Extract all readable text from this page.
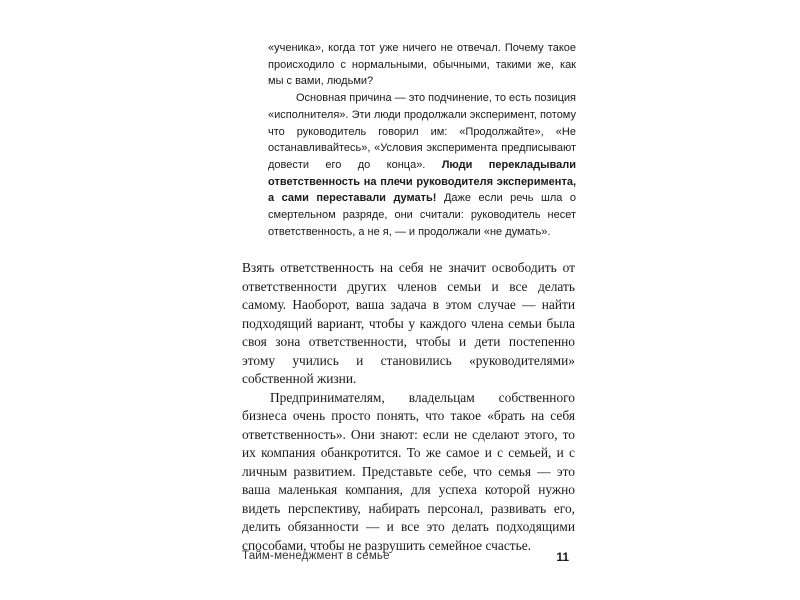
«ученика», когда тот уже ничего не отвечал. Почему такое происходило с нормальными, обычными, такими же, как мы с вами, людьми?

Основная причина — это подчинение, то есть позиция «исполнителя». Эти люди продолжали эксперимент, потому что руководитель говорил им: «Продолжайте», «Не останавливайтесь», «Условия эксперимента предписывают довести его до конца». Люди перекладывали ответственность на плечи руководителя эксперимента, а сами переставали думать! Даже если речь шла о смертельном разряде, они считали: руководитель несет ответственность, а не я, — и продолжали «не думать».

Взять ответственность на себя не значит освободить от ответственности других членов семьи и все делать самому. Наоборот, ваша задача в этом случае — найти подходящий вариант, чтобы у каждого члена семьи была своя зона ответственности, чтобы и дети постепенно этому учились и становились «руководителями» собственной жизни.

Предпринимателям, владельцам собственного бизнеса очень просто понять, что такое «брать на себя ответственность». Они знают: если не сделают этого, то их компания обанкротится. То же самое и с семьей, и с личным развитием. Представьте себе, что семья — это ваша маленькая компания, для успеха которой нужно видеть перспективу, набирать персонал, развивать его, делить обязанности — и все это делать подходящими способами, чтобы не разрушить семейное счастье.

Тайм-менеджмент в семье	11
